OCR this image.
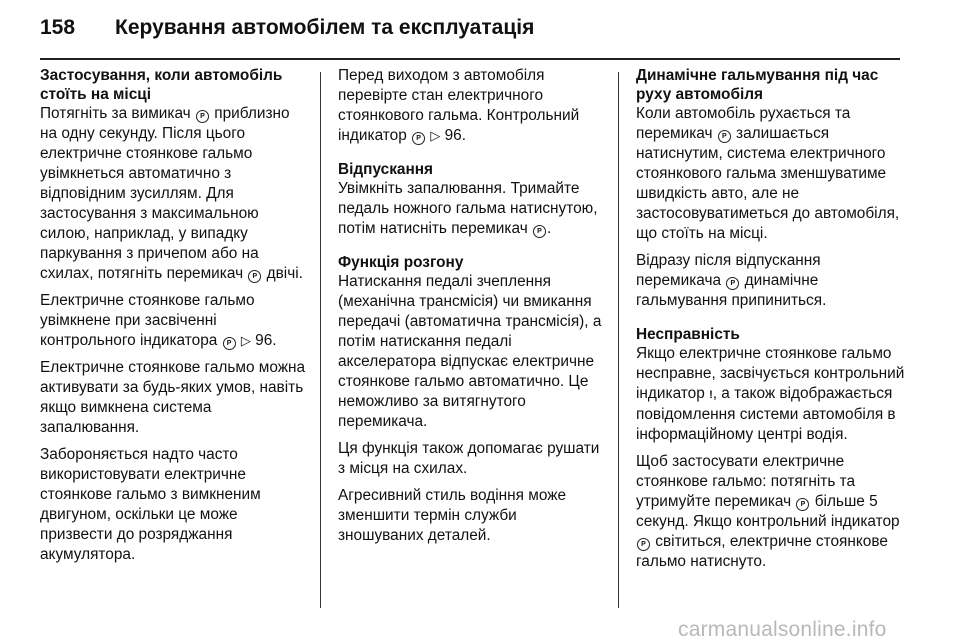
158 Керування автомобілем та експлуатація
Застосування, коли автомобіль стоїть на місці

Потягніть за вимикач P приблизно на одну секунду. Після цього електричне стоянкове гальмо увімкнеться автоматично з відповідним зусиллям. Для застосування з максимальною силою, наприклад, у випадку паркування з причепом або на схилах, потягніть перемикач P двічі.

Електричне стоянкове гальмо увімкнене при засвіченні контрольного індикатора P ▷ 96.

Електричне стоянкове гальмо можна активувати за будь-яких умов, навіть якщо вимкнена система запалювання.

Забороняється надто часто використовувати електричне стоянкове гальмо з вимкненим двигуном, оскільки це може призвести до розряджання акумулятора.

Перед виходом з автомобіля перевірте стан електричного стоянкового гальма. Контрольний індикатор P ▷ 96.

Відпускання

Увімкніть запалювання. Тримайте педаль ножного гальма натиснутою, потім натисніть перемикач P .

Функція розгону

Натискання педалі зчеплення (механічна трансмісія) чи вмикання передачі (автоматична трансмісія), а потім натискання педалі акселератора відпускає електричне стоянкове гальмо автоматично. Це неможливо за витягнутого перемикача.

Ця функція також допомагає рушати з місця на схилах.

Агресивний стиль водіння може зменшити термін служби зношуваних деталей.

Динамічне гальмування під час руху автомобіля

Коли автомобіль рухається та перемикач P залишається натиснутим, система електричного стоянкового гальма зменшуватиме швидкість авто, але не застосовуватиметься до автомобіля, що стоїть на місці.

Відразу після відпускання перемикача P динамічне гальмування припиниться.

Несправність

Якщо електричне стоянкове гальмо несправне, засвічується контрольний індикатор !, а також відображається повідомлення системи автомобіля в інформаційному центрі водія.

Щоб застосувати електричне стоянкове гальмо: потягніть та утримуйте перемикач P більше 5 секунд. Якщо контрольний індикатор P світиться, електричне стоянкове гальмо натиснуто.

carmanualsonline.info
